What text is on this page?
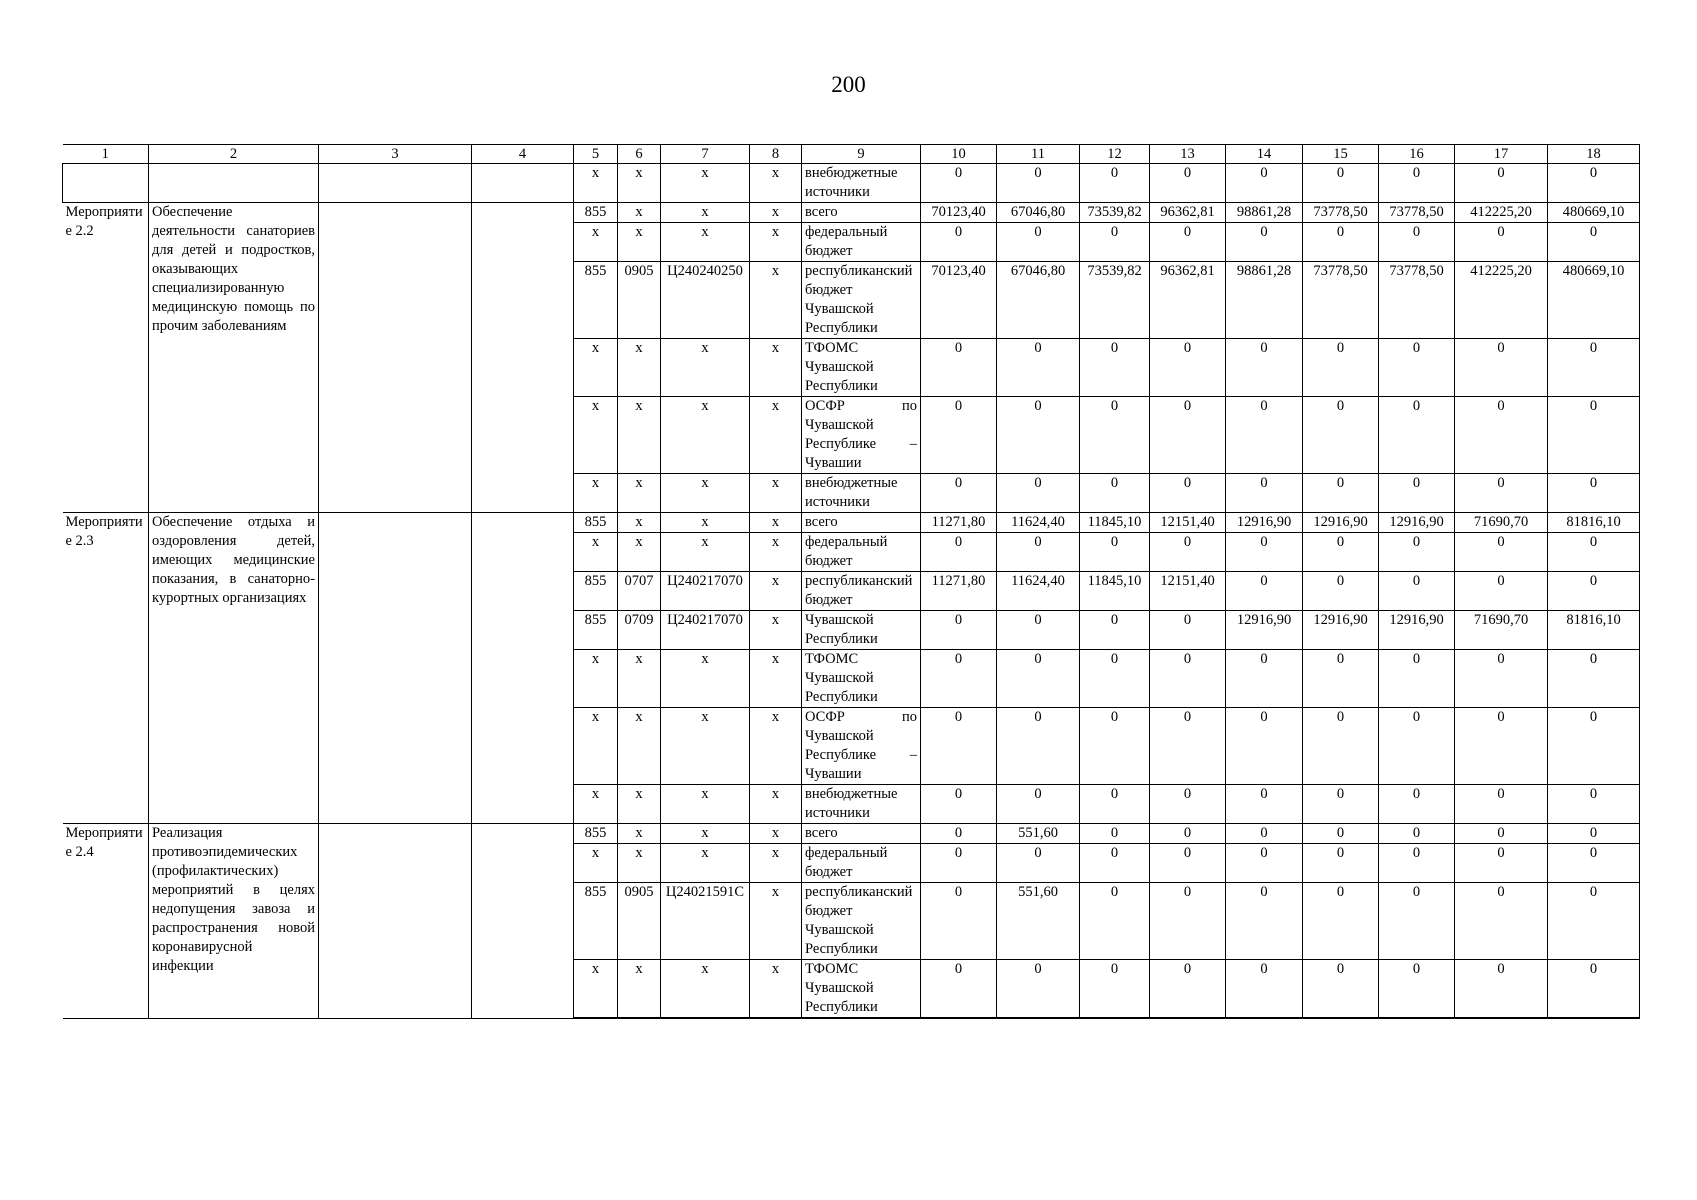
200
1	2	3	4	5	6	7	8	9	10	11	12	13	14	15	16	17	18
				x	x	x	x	внебюджетные источники	0	0	0	0	0	0	0	0	0
Мероприятие 2.2	Обеспечение деятельности санаториев для детей и подростков, оказывающих специализированную медицинскую помощь по прочим заболеваниям			855	x	x	x	всего	70123,40	67046,80	73539,82	96362,81	98861,28	73778,50	73778,50	412225,20	480669,10
				x	x	x	x	федеральный бюджет	0	0	0	0	0	0	0	0	0
				855	0905	Ц240240250	x	республиканский бюджет Чувашской Республики	70123,40	67046,80	73539,82	96362,81	98861,28	73778,50	73778,50	412225,20	480669,10
				x	x	x	x	ТФОМС Чувашской Республики	0	0	0	0	0	0	0	0	0
				x	x	x	x	ОСФР по Чувашской Республике – Чувашии	0	0	0	0	0	0	0	0	0
				x	x	x	x	внебюджетные источники	0	0	0	0	0	0	0	0	0
Мероприятие 2.3	Обеспечение отдыха и оздоровления детей, имеющих медицинские показания, в санаторно-курортных организациях			855	x	x	x	всего	11271,80	11624,40	11845,10	12151,40	12916,90	12916,90	12916,90	71690,70	81816,10
				x	x	x	x	федеральный бюджет	0	0	0	0	0	0	0	0	0
				855	0707	Ц240217070	x	республиканский бюджет	11271,80	11624,40	11845,10	12151,40	0	0	0	0	0
				855	0709	Ц240217070	x	Чувашской Республики	0	0	0	0	12916,90	12916,90	12916,90	71690,70	81816,10
				x	x	x	x	ТФОМС Чувашской Республики	0	0	0	0	0	0	0	0	0
				x	x	x	x	ОСФР по Чувашской Республике – Чувашии	0	0	0	0	0	0	0	0	0
				x	x	x	x	внебюджетные источники	0	0	0	0	0	0	0	0	0
Мероприятие 2.4	Реализация противоэпидемических (профилактических) мероприятий в целях недопущения завоза и распространения новой коронавирусной инфекции			855	x	x	x	всего	0	551,60	0	0	0	0	0	0	0
				x	x	x	x	федеральный бюджет	0	0	0	0	0	0	0	0	0
				855	0905	Ц24021591С	x	республиканский бюджет Чувашской Республики	0	551,60	0	0	0	0	0	0	0
				x	x	x	x	ТФОМС Чувашской Республики	0	0	0	0	0	0	0	0	0
